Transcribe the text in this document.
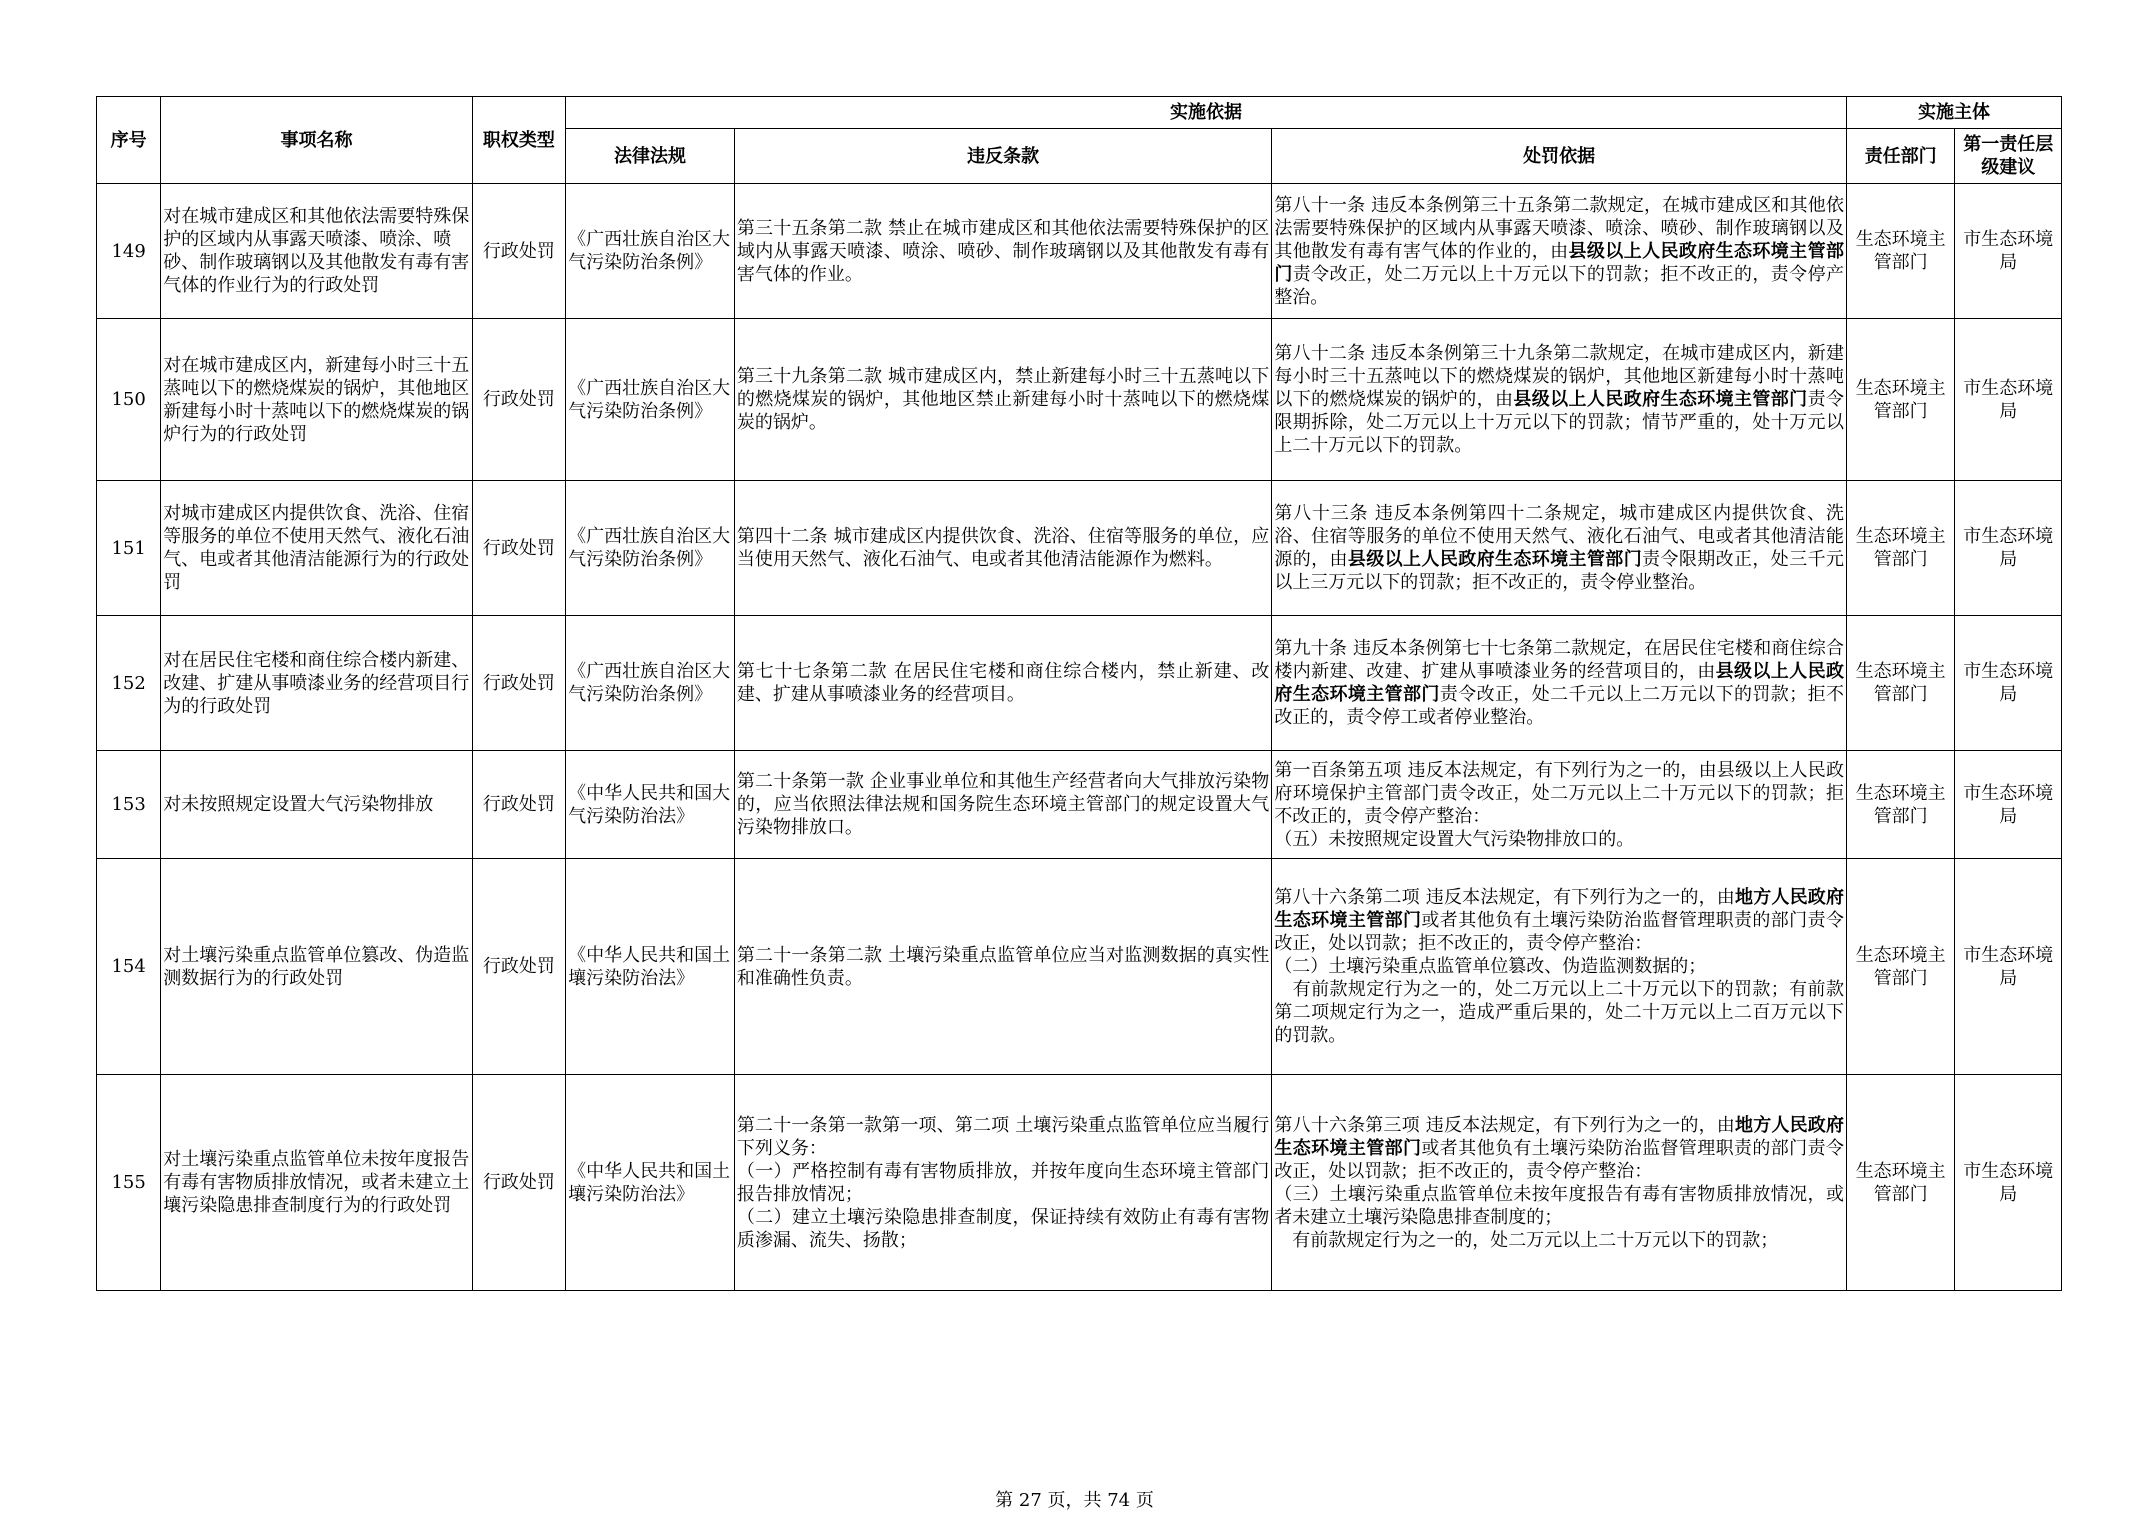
序号	事项名称	职权类型	实施依据			实施主体	
			法律法规	违反条款	处罚依据	责任部门	第一责任层级建议
149	对在城市建成区和其他依法需要特殊保护的区域内从事露天喷漆、喷涂、喷砂、制作玻璃钢以及其他散发有毒有害气体的作业行为的行政处罚	行政处罚	《广西壮族自治区大气污染防治条例》	第三十五条第二款 禁止在城市建成区和其他依法需要特殊保护的区域内从事露天喷漆、喷涂、喷砂、制作玻璃钢以及其他散发有毒有害气体的作业。	第八十一条 违反本条例第三十五条第二款规定，在城市建成区和其他依法需要特殊保护的区域内从事露天喷漆、喷涂、喷砂、制作玻璃钢以及其他散发有毒有害气体的作业的，由县级以上人民政府生态环境主管部门责令改正，处二万元以上十万元以下的罚款；拒不改正的，责令停产整治。	生态环境主管部门	市生态环境局
150	对在城市建成区内，新建每小时三十五蒸吨以下的燃烧煤炭的锅炉，其他地区新建每小时十蒸吨以下的燃烧煤炭的锅炉行为的行政处罚	行政处罚	《广西壮族自治区大气污染防治条例》	第三十九条第二款 城市建成区内，禁止新建每小时三十五蒸吨以下的燃烧煤炭的锅炉，其他地区禁止新建每小时十蒸吨以下的燃烧煤炭的锅炉。	第八十二条 违反本条例第三十九条第二款规定，在城市建成区内，新建每小时三十五蒸吨以下的燃烧煤炭的锅炉，其他地区新建每小时十蒸吨以下的燃烧煤炭的锅炉的，由县级以上人民政府生态环境主管部门责令限期拆除，处二万元以上十万元以下的罚款；情节严重的，处十万元以上二十万元以下的罚款。	生态环境主管部门	市生态环境局
151	对城市建成区内提供饮食、洗浴、住宿等服务的单位不使用天然气、液化石油气、电或者其他清洁能源行为的行政处罚	行政处罚	《广西壮族自治区大气污染防治条例》	第四十二条 城市建成区内提供饮食、洗浴、住宿等服务的单位，应当使用天然气、液化石油气、电或者其他清洁能源作为燃料。	第八十三条 违反本条例第四十二条规定，城市建成区内提供饮食、洗浴、住宿等服务的单位不使用天然气、液化石油气、电或者其他清洁能源的，由县级以上人民政府生态环境主管部门责令限期改正，处三千元以上三万元以下的罚款；拒不改正的，责令停业整治。	生态环境主管部门	市生态环境局
152	对在居民住宅楼和商住综合楼内新建、改建、扩建从事喷漆业务的经营项目行为的行政处罚	行政处罚	《广西壮族自治区大气污染防治条例》	第七十七条第二款 在居民住宅楼和商住综合楼内，禁止新建、改建、扩建从事喷漆业务的经营项目。	第九十条 违反本条例第七十七条第二款规定，在居民住宅楼和商住综合楼内新建、改建、扩建从事喷漆业务的经营项目的，由县级以上人民政府生态环境主管部门责令改正，处二千元以上二万元以下的罚款；拒不改正的，责令停工或者停业整治。	生态环境主管部门	市生态环境局
153	对未按照规定设置大气污染物排放	行政处罚	《中华人民共和国大气污染防治法》	第二十条第一款 企业事业单位和其他生产经营者向大气排放污染物的，应当依照法律法规和国务院生态环境主管部门的规定设置大气污染物排放口。	第一百条第五项 违反本法规定，有下列行为之一的，由县级以上人民政府环境保护主管部门责令改正，处二万元以上二十万元以下的罚款；拒不改正的，责令停产整治：
（五）未按照规定设置大气污染物排放口的。	生态环境主管部门	市生态环境局
154	对土壤污染重点监管单位篡改、伪造监测数据行为的行政处罚	行政处罚	《中华人民共和国土壤污染防治法》	第二十一条第二款 土壤污染重点监管单位应当对监测数据的真实性和准确性负责。	第八十六条第二项 违反本法规定，有下列行为之一的，由地方人民政府生态环境主管部门或者其他负有土壤污染防治监督管理职责的部门责令改正，处以罚款；拒不改正的，责令停产整治：
（二）土壤污染重点监管单位篡改、伪造监测数据的；
　有前款规定行为之一的，处二万元以上二十万元以下的罚款；有前款第二项规定行为之一，造成严重后果的，处二十万元以上二百万元以下的罚款。	生态环境主管部门	市生态环境局
155	对土壤污染重点监管单位未按年度报告有毒有害物质排放情况，或者未建立土壤污染隐患排查制度行为的行政处罚	行政处罚	《中华人民共和国土壤污染防治法》	第二十一条第一款第一项、第二项 土壤污染重点监管单位应当履行下列义务：
（一）严格控制有毒有害物质排放，并按年度向生态环境主管部门报告排放情况；
（二）建立土壤污染隐患排查制度，保证持续有效防止有毒有害物质渗漏、流失、扬散；	第八十六条第三项 违反本法规定，有下列行为之一的，由地方人民政府生态环境主管部门或者其他负有土壤污染防治监督管理职责的部门责令改正，处以罚款；拒不改正的，责令停产整治：
（三）土壤污染重点监管单位未按年度报告有毒有害物质排放情况，或者未建立土壤污染隐患排查制度的；
　有前款规定行为之一的，处二万元以上二十万元以下的罚款；	生态环境主管部门	市生态环境局
第 27 页，共 74 页
